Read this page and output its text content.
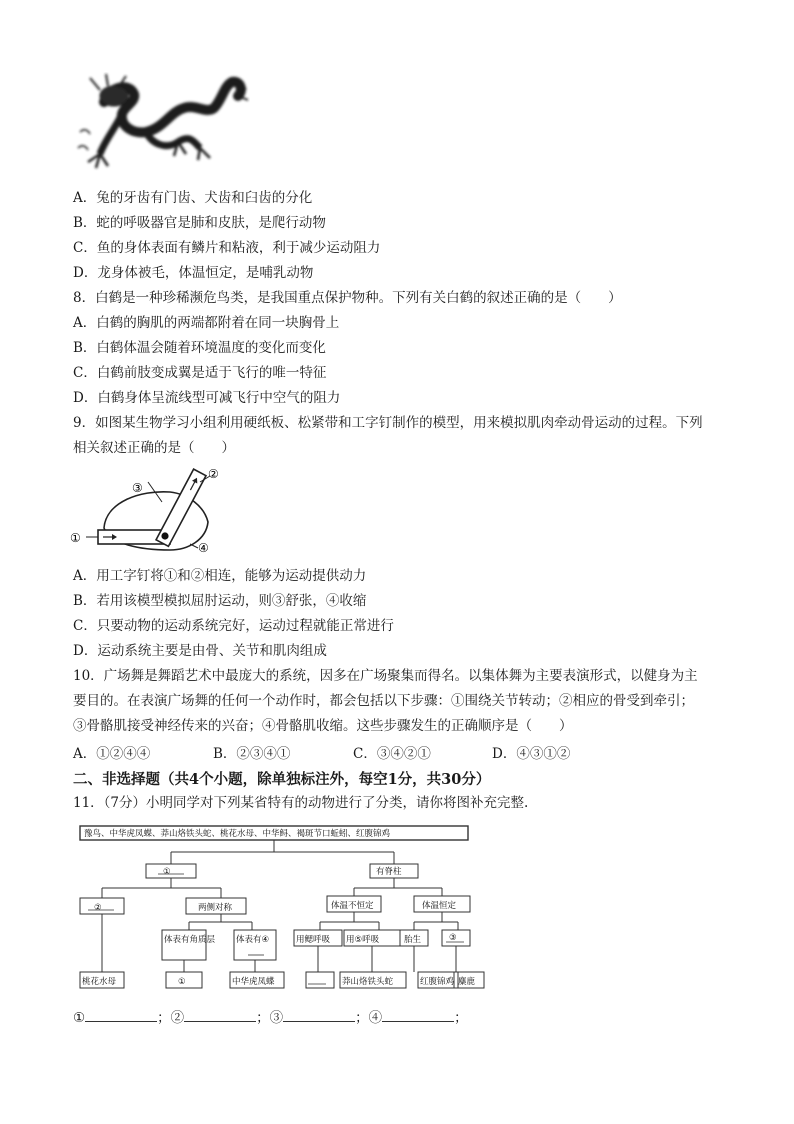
A．兔的牙齿有门齿、犬齿和臼齿的分化
B．蛇的呼吸器官是肺和皮肤，是爬行动物
C．鱼的身体表面有鳞片和粘液，利于减少运动阻力
D．龙身体被毛，体温恒定，是哺乳动物
8．白鹤是一种珍稀濒危鸟类，是我国重点保护物种。下列有关白鹤的叙述正确的是（　　）
A．白鹤的胸肌的两端都附着在同一块胸骨上
B．白鹤体温会随着环境温度的变化而变化
C．白鹤前肢变成翼是适于飞行的唯一特征
D．白鹤身体呈流线型可减飞行中空气的阻力
9．如图某生物学习小组利用硬纸板、松紧带和工字钉制作的模型，用来模拟肌肉牵动骨运动的过程。下列
相关叙述正确的是（　　）
①
②
③
④
A．用工字钉将①和②相连，能够为运动提供动力
B．若用该模型模拟屈肘运动，则③舒张，④收缩
C．只要动物的运动系统完好，运动过程就能正常进行
D．运动系统主要是由骨、关节和肌肉组成
10．广场舞是舞蹈艺术中最庞大的系统，因多在广场聚集而得名。以集体舞为主要表演形式，以健身为主
要目的。在表演广场舞的任何一个动作时，都会包括以下步骤：①围绕关节转动；②相应的骨受到牵引；
③骨骼肌接受神经传来的兴奋；④骨骼肌收缩。这些步骤发生的正确顺序是（　　）
A．①②④④	B．②③④①	C．③④②①	D．④③①②
二、非选择题（共4个小题，除单独标注外，每空1分，共30分）
11．（7分）小明同学对下列某省特有的动物进行了分类，请你将图补充完整.
豫鸟、中华虎凤蝶、莽山烙铁头蛇、桃花水母、中华鲟、褐斑节口蚯蚓、红腹锦鸡
①	有脊柱
②	两侧对称	体温不恒定	体温恒定
体表有角质层 体表有④	用鳃呼吸 用⑤呼吸	胎生	③
桃花水母	①	中华虎凤蝶	莽山烙铁头蛇	红腹锦鸡 麋鹿
①	；②	；③	；④	；
